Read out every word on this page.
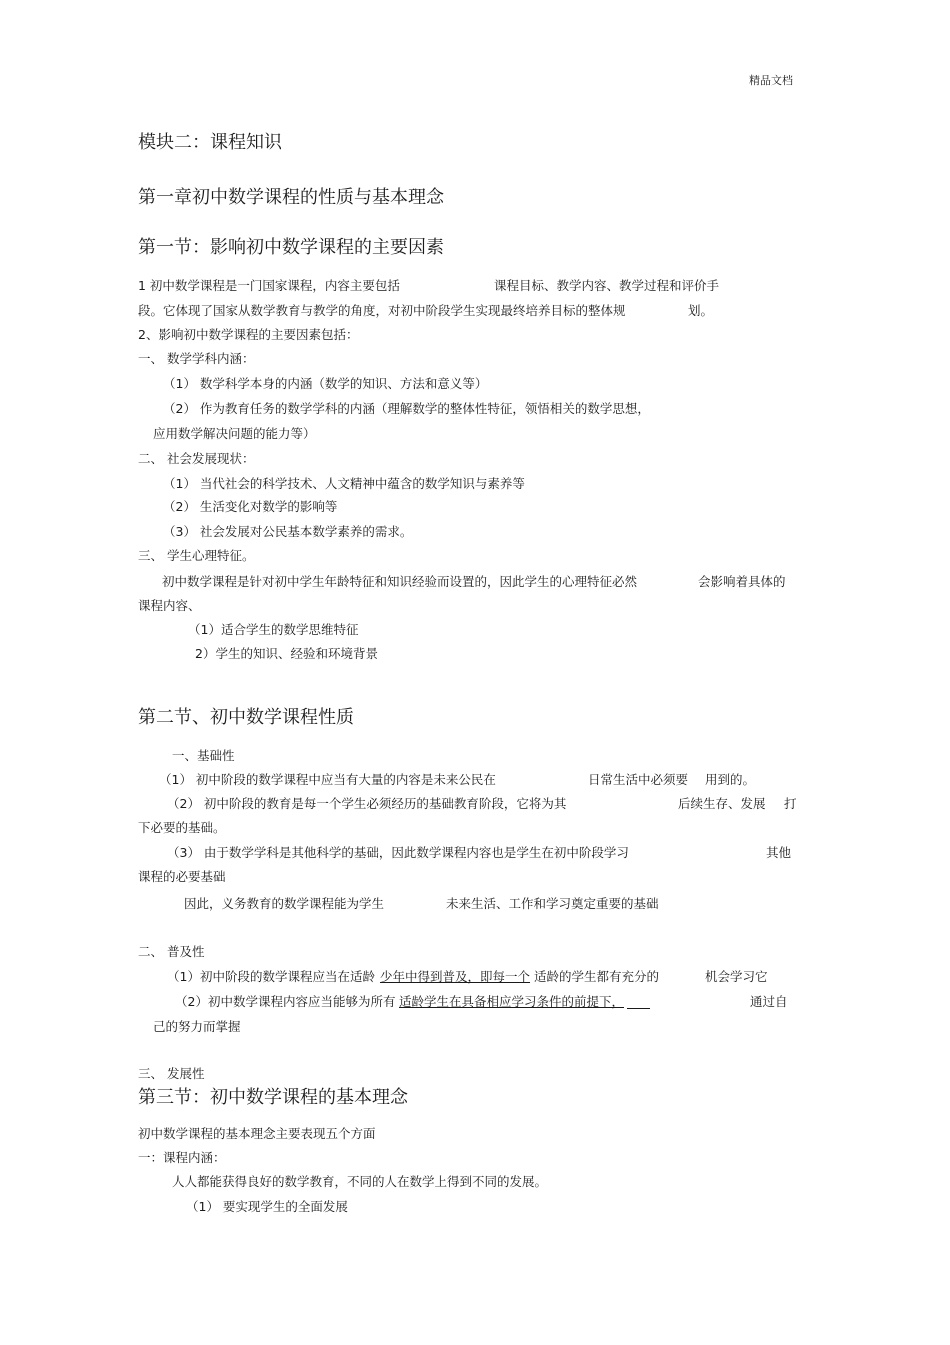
精品文档
模块二：课程知识
第一章初中数学课程的性质与基本理念
第一节：影响初中数学课程的主要因素
1 初中数学课程是一门国家课程，内容主要包括	课程目标、教学内容、教学过程和评价手
段。它体现了国家从数学教育与教学的角度，对初中阶段学生实现最终培养目标的整体规	划。
2、影响初中数学课程的主要因素包括：
一、 数学学科内涵：
（1） 数学科学本身的内涵（数学的知识、方法和意义等）
（2） 作为教育任务的数学学科的内涵（理解数学的整体性特征，领悟相关的数学思想，
应用数学解决问题的能力等）
二、 社会发展现状：
（1） 当代社会的科学技术、人文精神中蕴含的数学知识与素养等
（2） 生活变化对数学的影响等
（3） 社会发展对公民基本数学素养的需求。
三、 学生心理特征。
初中数学课程是针对初中学生年龄特征和知识经验而设置的，因此学生的心理特征必然	会影响着具体的
课程内容、
（1）适合学生的数学思维特征
2）学生的知识、经验和环境背景
第二节、初中数学课程性质
一、基础性
（1） 初中阶段的数学课程中应当有大量的内容是未来公民在	日常生活中必须要 用到的。
（2） 初中阶段的教育是每一个学生必须经历的基础教育阶段，它将为其	后续生存、发展 打
下必要的基础。
（3） 由于数学学科是其他科学的基础，因此数学课程内容也是学生在初中阶段学习	其他
课程的必要基础
因此，义务教育的数学课程能为学生	未来生活、工作和学习奠定重要的基础
二、 普及性
（1）初中阶段的数学课程应当在适龄 少年中得到普及，即每一个 适龄的学生都有充分的	机会学习它
（2）初中数学课程内容应当能够为所有 适龄学生在具备相应学习条件的前提下，	通过自
己的努力而掌握
三、 发展性
第三节：初中数学课程的基本理念
初中数学课程的基本理念主要表现五个方面
一：课程内涵：
人人都能获得良好的数学教育，不同的人在数学上得到不同的发展。
（1） 要实现学生的全面发展
